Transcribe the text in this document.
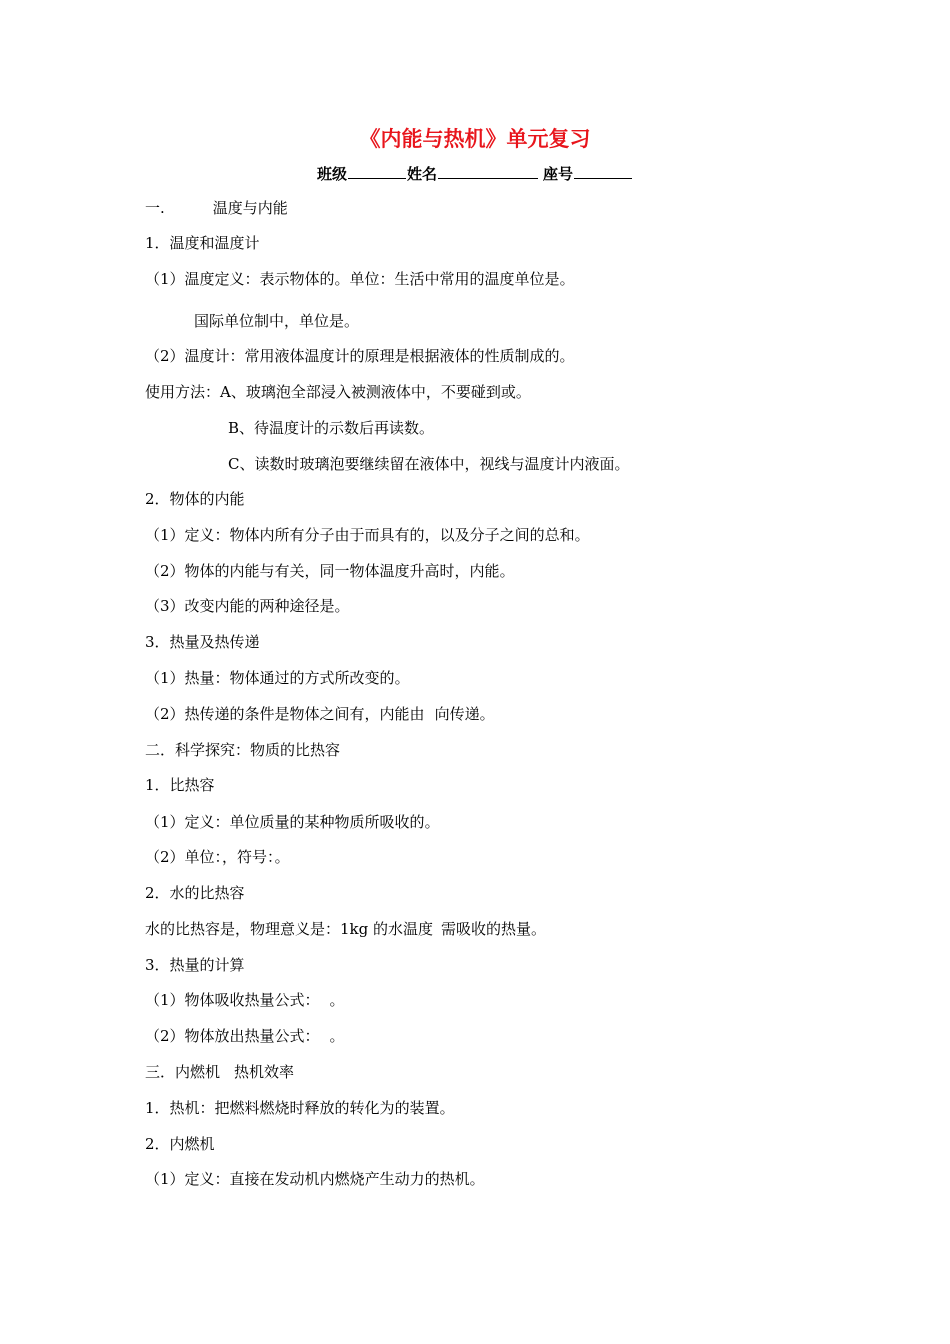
《内能与热机》单元复习
班级	姓名	座号
一.	温度与内能
1．温度和温度计
（1）温度定义：表示物体的。单位：生活中常用的温度单位是。
国际单位制中，单位是。
（2）温度计：常用液体温度计的原理是根据液体的性质制成的。
使用方法：A、玻璃泡全部浸入被测液体中，不要碰到或。
B、待温度计的示数后再读数。
C、读数时玻璃泡要继续留在液体中，视线与温度计内液面。
2．物体的内能
（1）定义：物体内所有分子由于而具有的，以及分子之间的总和。
（2）物体的内能与有关，同一物体温度升高时，内能。
（3）改变内能的两种途径是。
3．热量及热传递
（1）热量：物体通过的方式所改变的。
（2）热传递的条件是物体之间有，内能由 向传递。
二．科学探究：物质的比热容
1．比热容
（1）定义：单位质量的某种物质所吸收的。
（2）单位：，符号：。
2．水的比热容
水的比热容是，物理意义是：1kg 的水温度 需吸收的热量。
3．热量的计算
（1）物体吸收热量公式： 。
（2）物体放出热量公式： 。
三．内燃机 热机效率
1．热机：把燃料燃烧时释放的转化为的装置。
2．内燃机
（1）定义：直接在发动机内燃烧产生动力的热机。
